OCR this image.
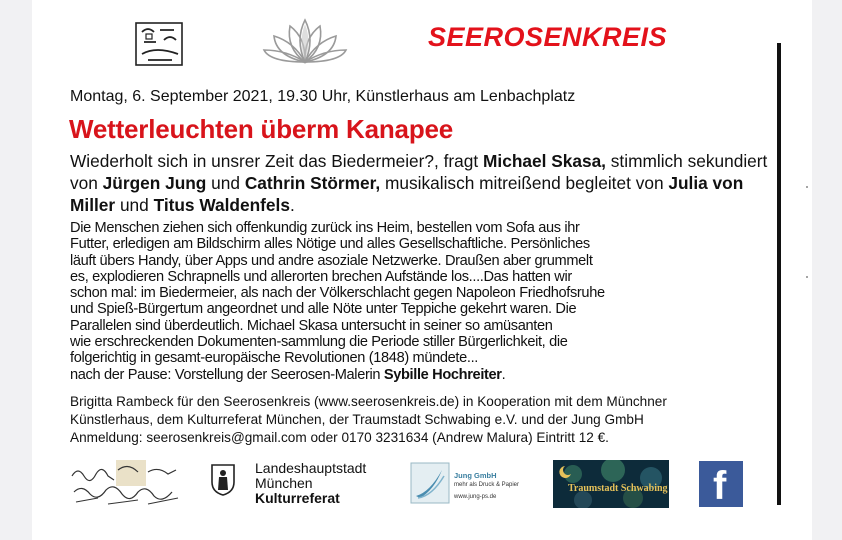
SEEROSENKREIS
Montag, 6. September 2021, 19.30 Uhr, Künstlerhaus am Lenbachplatz
Wetterleuchten überm Kanapee
Wiederholt sich in unsrer Zeit das Biedermeier?, fragt Michael Skasa, stimmlich sekundiert von Jürgen Jung und Cathrin Störmer, musikalisch mitreißend begleitet von Julia von Miller und Titus Waldenfels.

Die Menschen ziehen sich offenkundig zurück ins Heim, bestellen vom Sofa aus ihr

Futter, erledigen am Bildschirm alles Nötige und alles Gesellschaftliche. Persönliches

läuft übers Handy, über Apps und andre asoziale Netzwerke. Draußen aber grummelt

es, explodieren Schrapnells und allerorten brechen Aufstände los....Das hatten wir

schon mal: im Biedermeier, als nach der Völkerschlacht gegen Napoleon Friedhofsruhe

und Spieß-Bürgertum angeordnet und alle Nöte unter Teppiche gekehrt waren. Die

Parallelen sind überdeutlich. Michael Skasa untersucht in seiner so amüsanten

wie erschreckenden Dokumenten-sammlung die Periode stiller Bürgerlichkeit, die

folgerichtig in gesamt-europäische Revolutionen (1848) mündete...

nach der Pause: Vorstellung der Seerosen-Malerin Sybille Hochreiter.

Brigitta Rambeck für den Seerosenkreis (www.seerosenkreis.de) in Kooperation mit dem Münchner

Künstlerhaus, dem Kulturreferat München, der Traumstadt Schwabing e.V. und der Jung GmbH

Anmeldung: seerosenkreis@gmail.com oder 0170 3231634 (Andrew Malura) Eintritt 12 €.

Landeshauptstadt
München
Kulturreferat
Jung GmbH
mehr als Druck & Papier
www.jung-ps.de
Traumstadt Schwabing f
